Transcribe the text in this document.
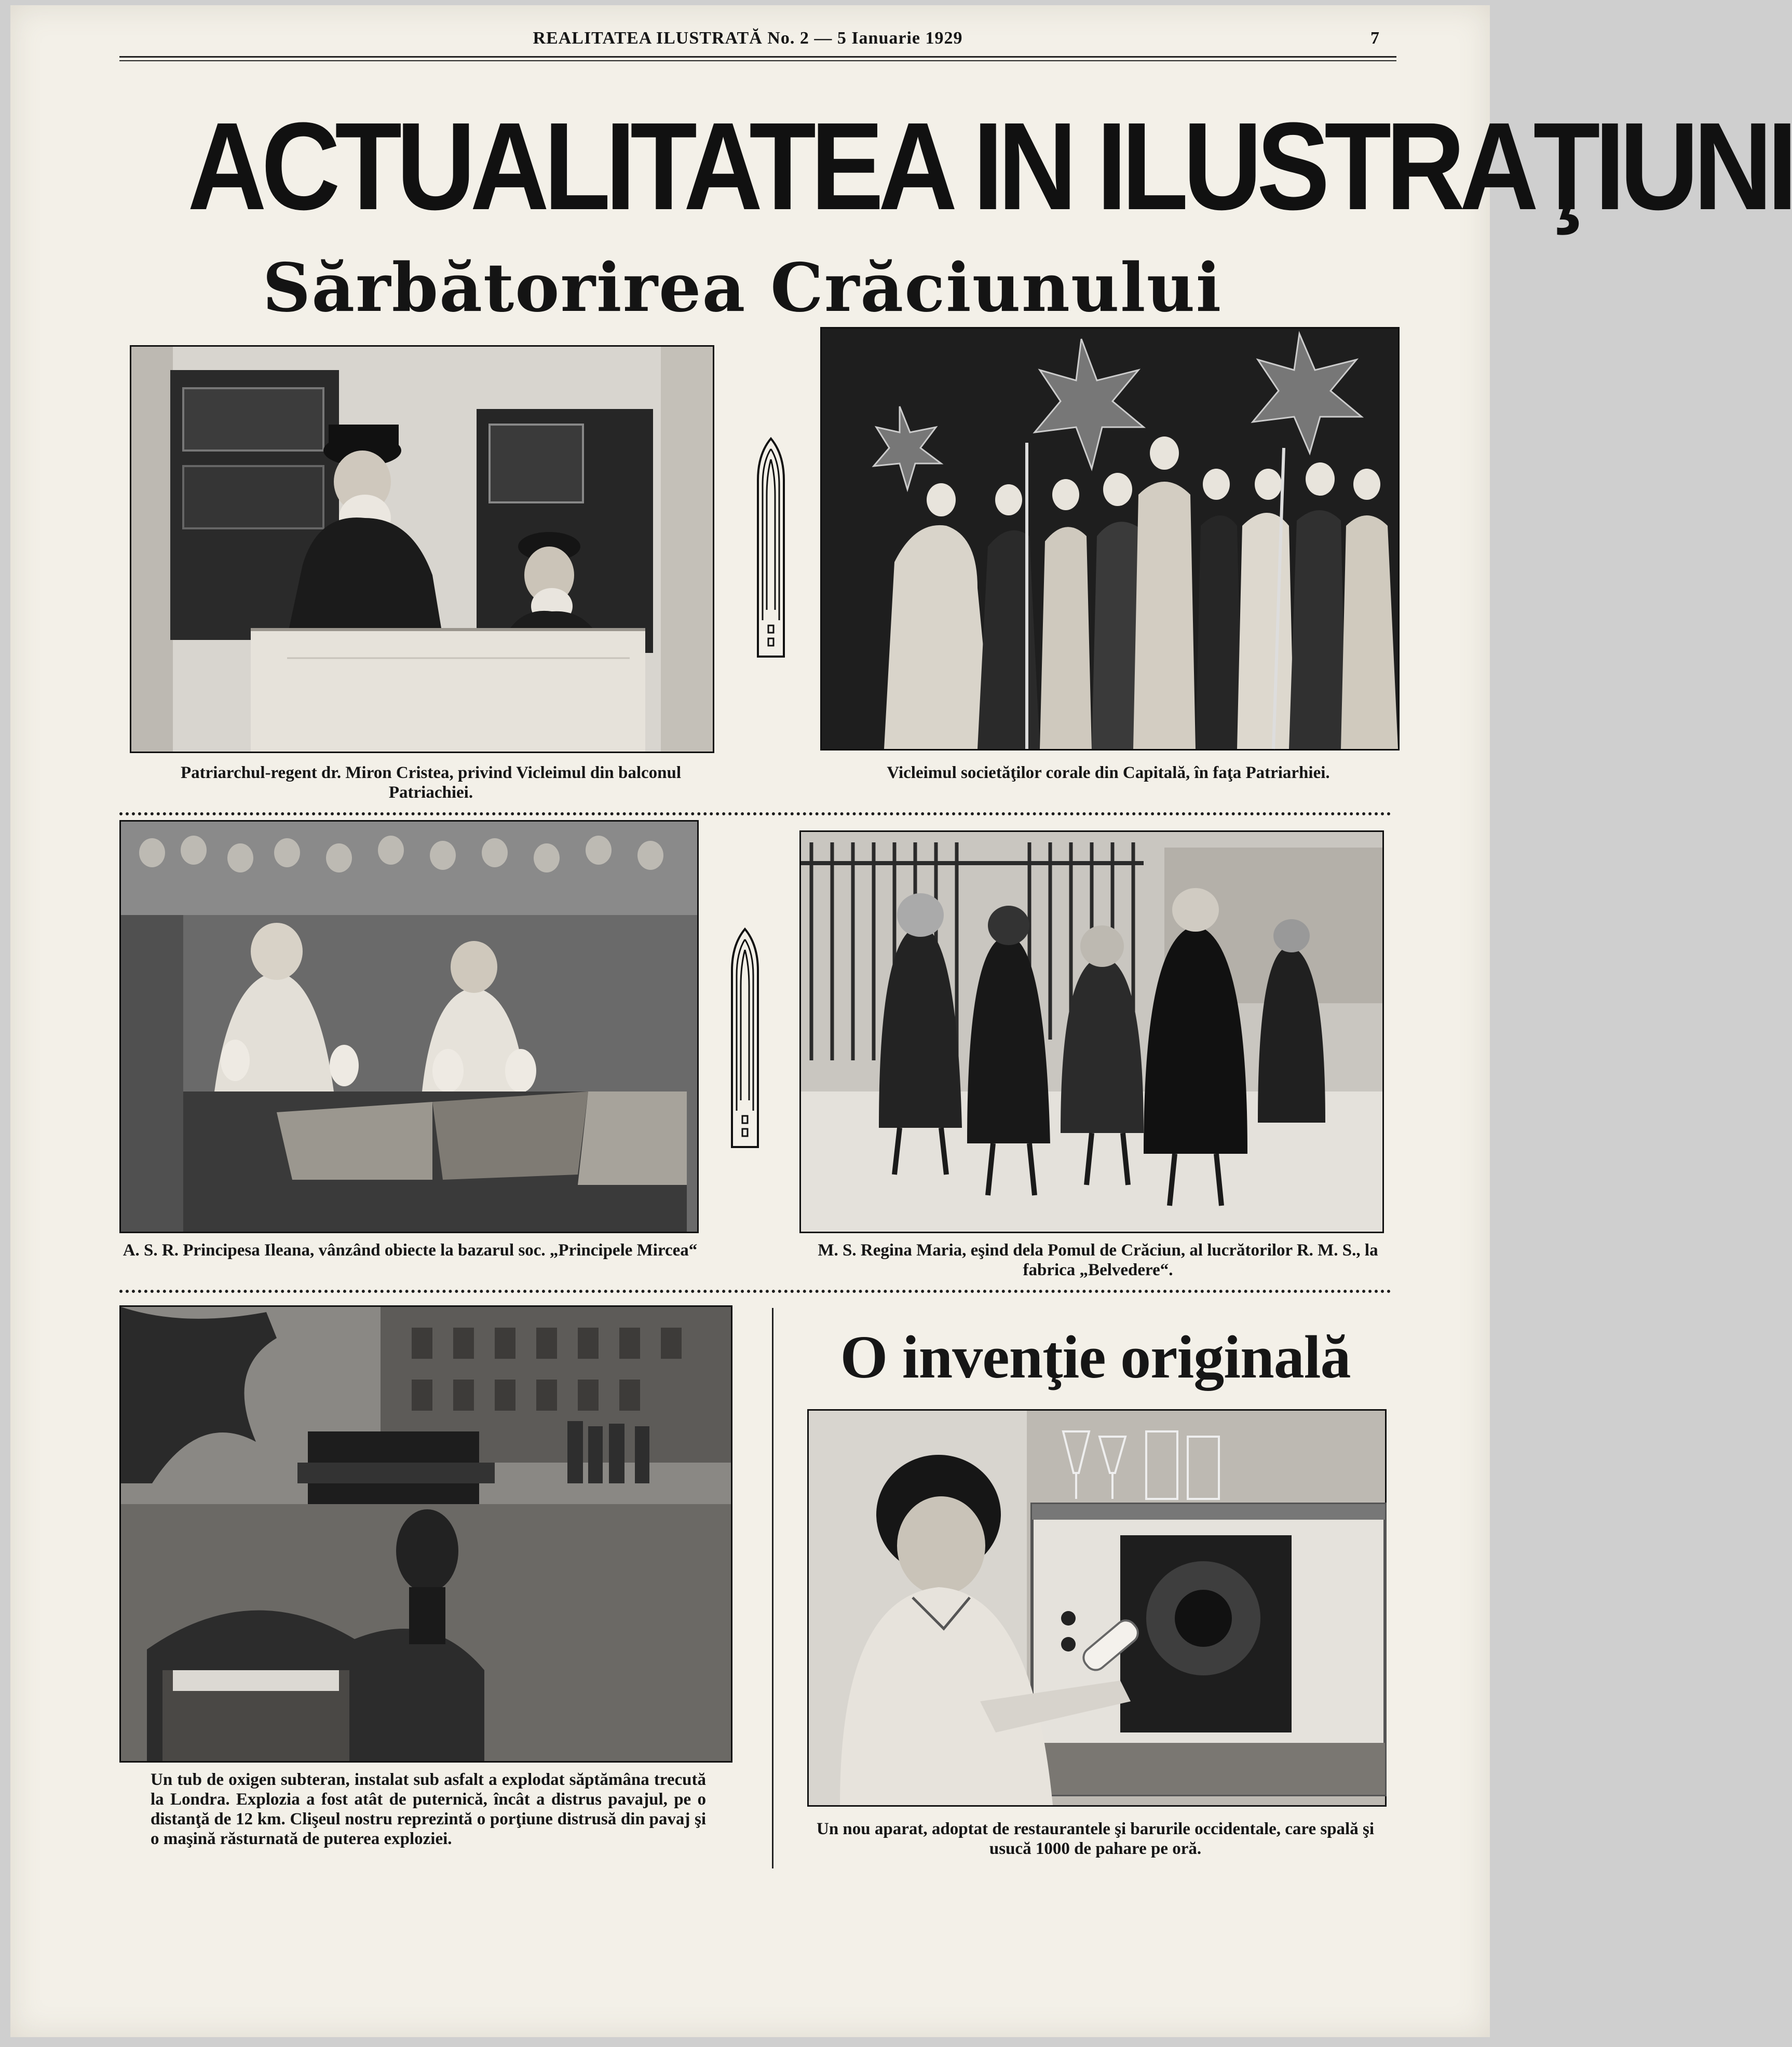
REALITATEA ILUSTRATĂ No. 2 — 5 Ianuarie 1929	7
ACTUALITATEA IN ILUSTRAŢIUNI
Sărbătorirea Crăciunului
Patriarchul-regent dr. Miron Cristea, privind Vicleimul din balconul Patriachiei.
Vicleimul societăţilor corale din Capitală, în faţa Patriarhiei.
A. S. R. Principesa Ileana, vânzând obiecte la bazarul soc. „Principele Mircea“	M. S. Regina Maria, eşind dela Pomul de Crăciun, al lucrătorilor R. M. S., la fabrica „Belvedere“.
Un tub de oxigen subteran, instalat sub asfalt a explodat săptămâna trecută la Londra. Explozia a fost atât de puternică, încât a distrus pavajul, pe o distanţă de 12 km. Clişeul nostru reprezintă o porţiune distrusă din pavaj şi o maşină răsturnată de puterea exploziei.
O invenţie originală
Un nou aparat, adoptat de restaurantele şi barurile occidentale, care spală şi usucă 1000 de pahare pe oră.
